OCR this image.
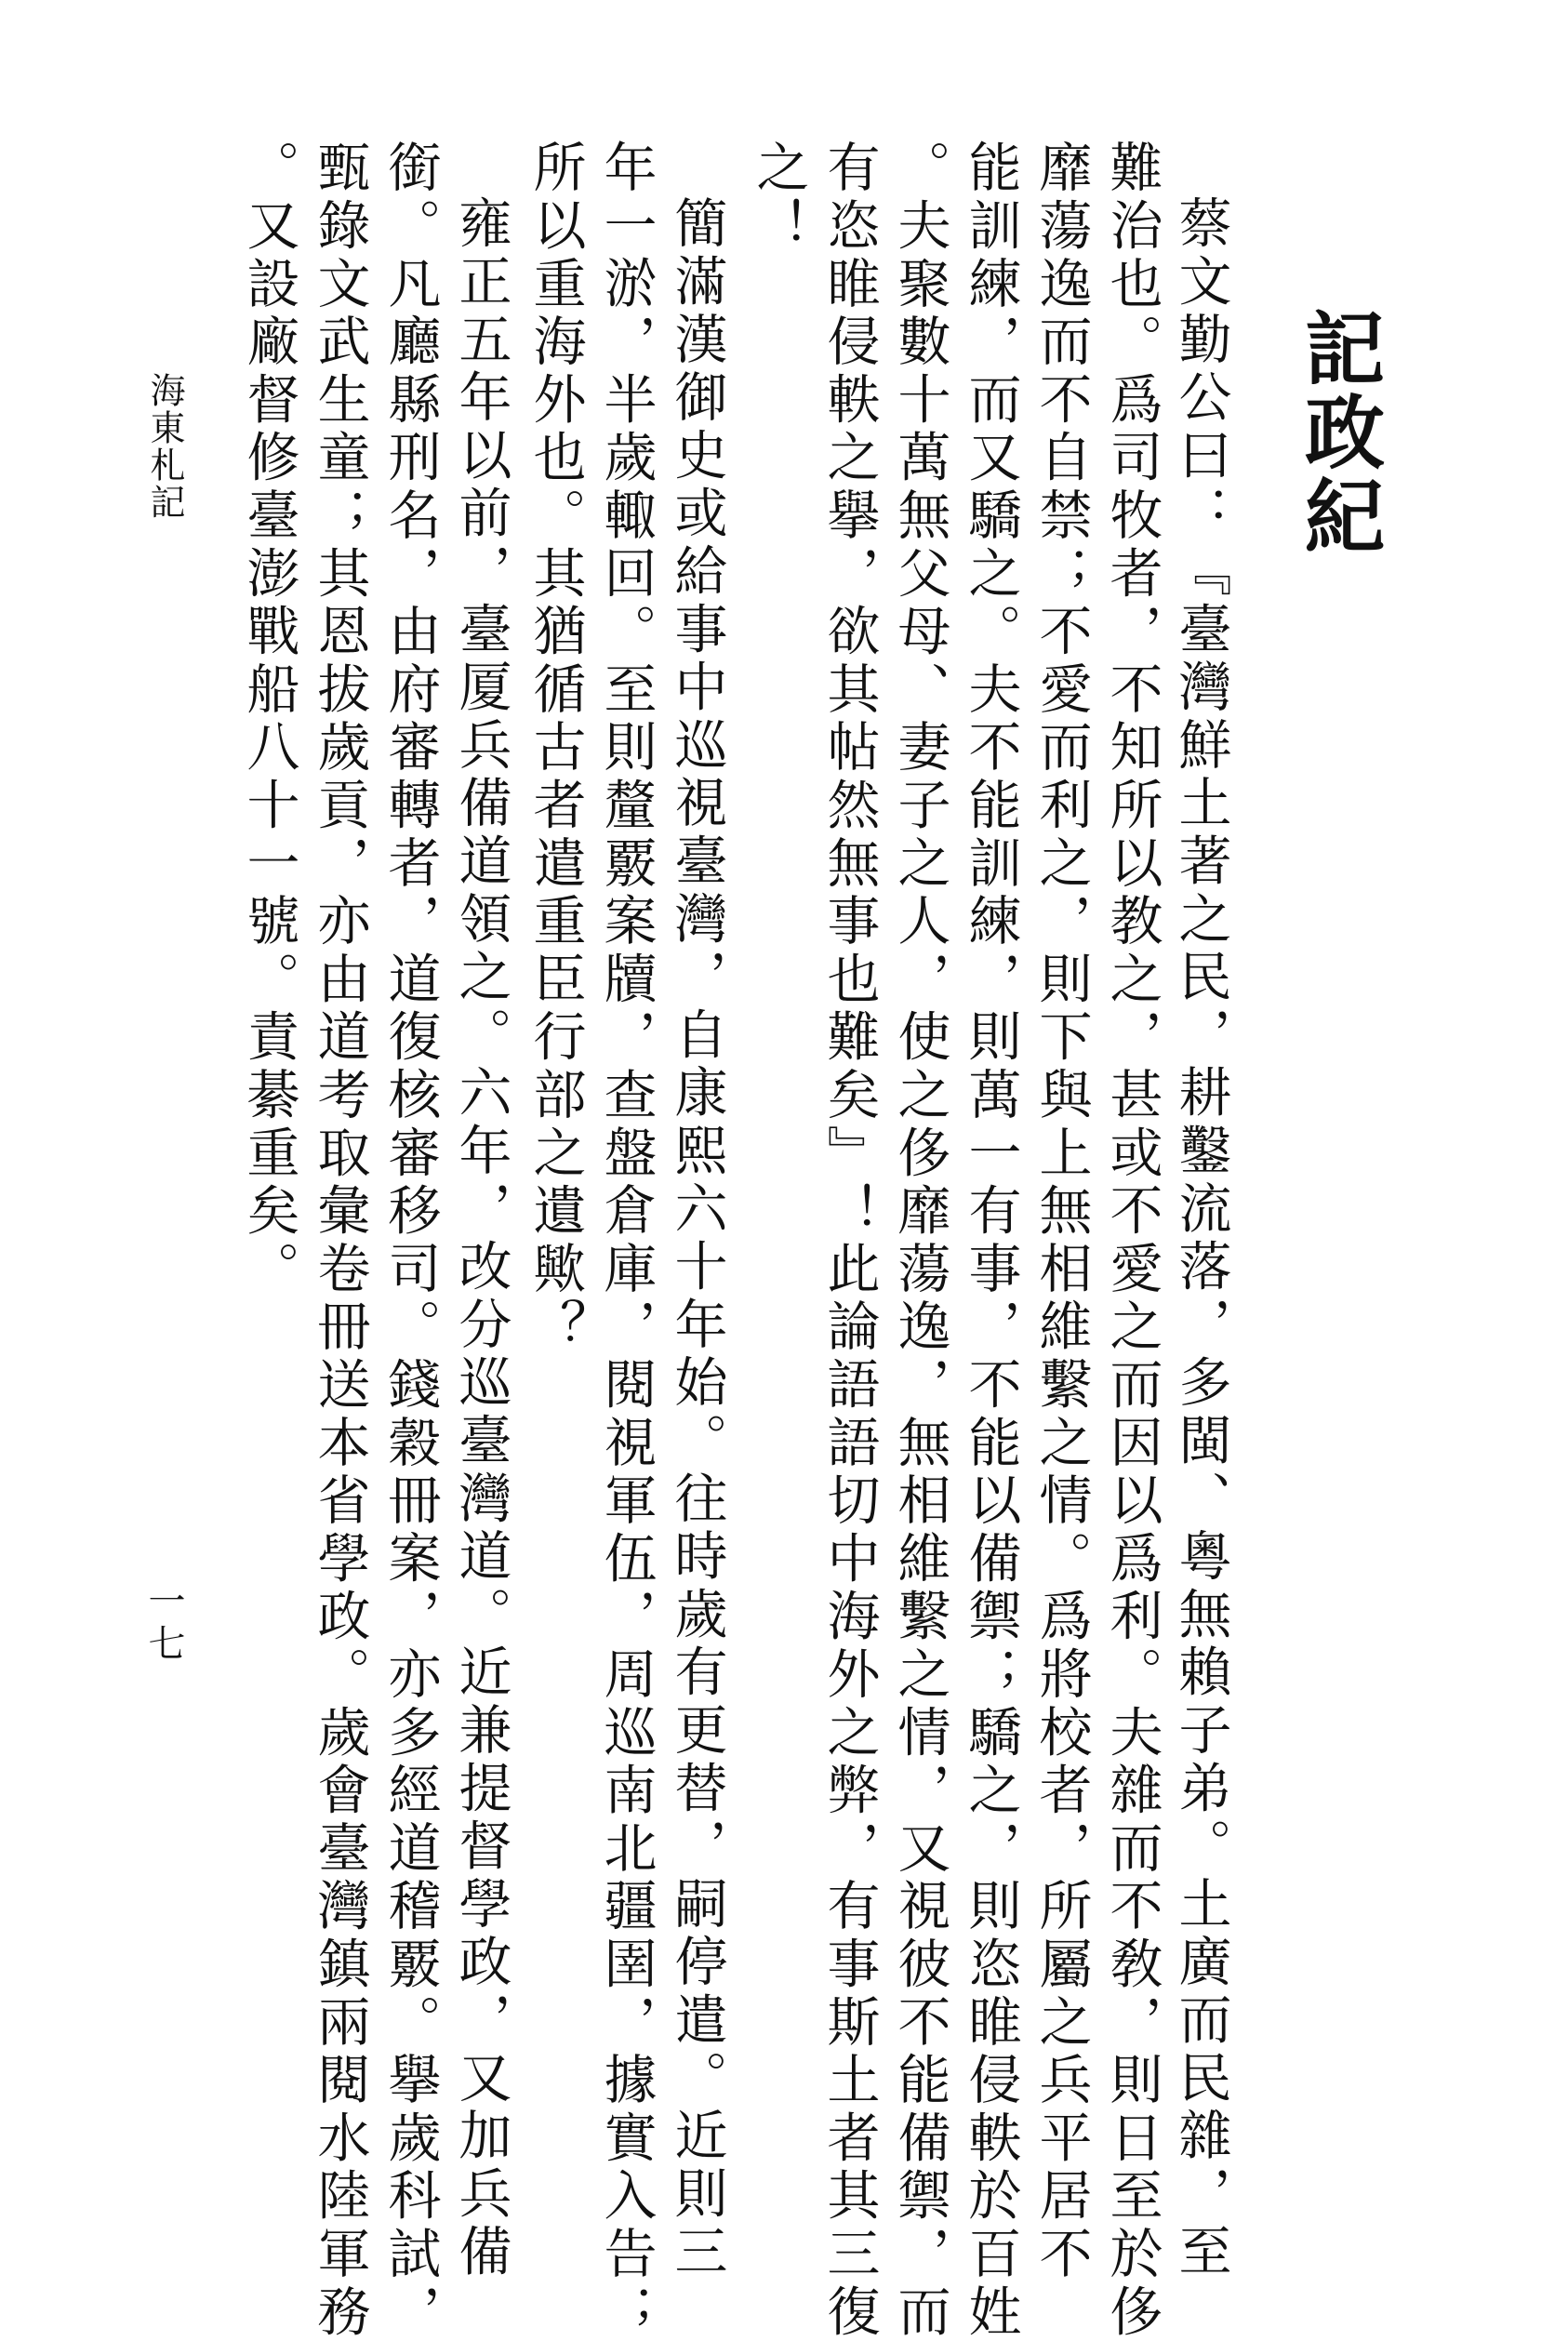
記政紀
蔡文勤公曰：『臺灣鮮土著之民，耕鑿流落，多閩、粵無賴子弟。土廣而民雜，至
難治也。爲司牧者，不知所以教之，甚或不愛之而因以爲利。夫雜而不敎，則日至於侈
靡蕩逸而不自禁；不愛而利之，則下與上無相維繫之情。爲將校者，所屬之兵平居不
能訓練，而又驕之。夫不能訓練，則萬一有事，不能以備禦；驕之，則恣睢侵軼於百姓
。夫聚數十萬無父母、妻子之人，使之侈靡蕩逸，無相維繫之情，又視彼不能備禦，而
有恣睢侵軼之擧，欲其帖然無事也難矣』！此論語語切中海外之弊，有事斯土者其三復
之！
簡滿漢御史或給事中巡視臺灣，自康熙六十年始。往時歲有更替，嗣停遣。近則三
年一淤，半歲輙回。至則釐覈案牘，查盤倉庫，閱視軍伍，周巡南北疆圉，據實入告；
所以重海外也。其猶循古者遣重臣行部之遺歟？
雍正五年以前，臺厦兵備道領之。六年，改分巡臺灣道。近兼提督學政，又加兵備
銜。凡廳縣刑名，由府審轉者，道復核審移司。錢穀冊案，亦多經道稽覈。擧歲科試，
甄錄文武生童；其恩拔歲貢，亦由道考取彙卷冊送本省學政。歲會臺灣鎮兩閱水陸軍務
。又設廠督修臺澎戰船八十一號。責綦重矣。
海東札記
一七
